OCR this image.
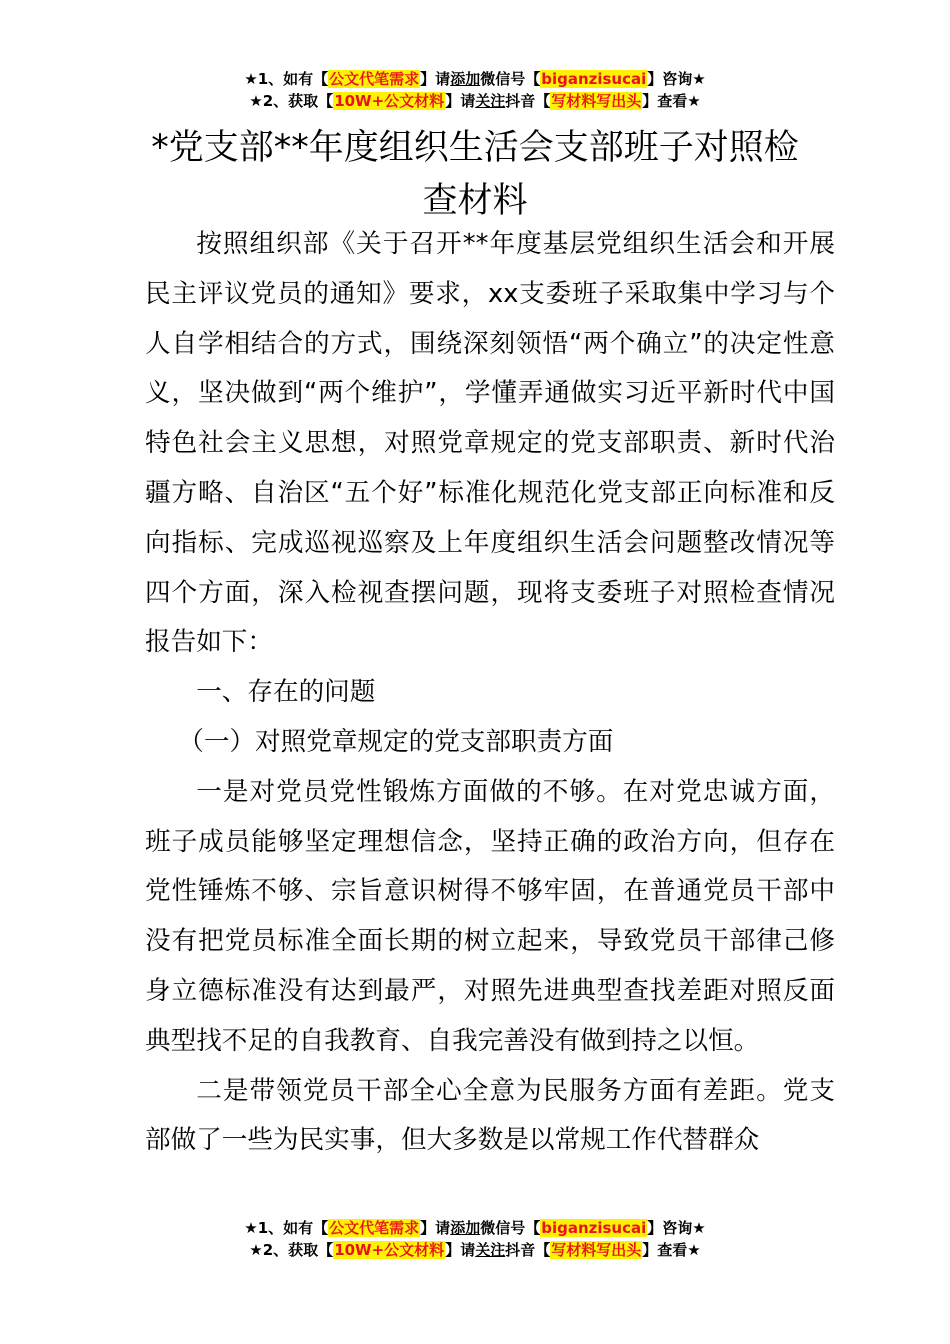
★1、如有【公文代笔需求】请添加微信号【biganzisucai】咨询★
★2、获取【10W+公文材料】请关注抖音【写材料写出头】查看★
*党支部**年度组织生活会支部班子对照检查材料

按照组织部《关于召开**年度基层党组织生活会和开展民主评议党员的通知》要求，xx支委班子采取集中学习与个人自学相结合的方式，围绕深刻领悟“两个确立”的决定性意义，坚决做到“两个维护”，学懂弄通做实习近平新时代中国特色社会主义思想，对照党章规定的党支部职责、新时代治疆方略、自治区“五个好”标准化规范化党支部正向标准和反向指标、完成巡视巡察及上年度组织生活会问题整改情况等四个方面，深入检视查摆问题，现将支委班子对照检查情况报告如下：

一、存在的问题

（一）对照党章规定的党支部职责方面

一是对党员党性锻炼方面做的不够。在对党忠诚方面，班子成员能够坚定理想信念，坚持正确的政治方向，但存在党性锤炼不够、宗旨意识树得不够牢固，在普通党员干部中没有把党员标准全面长期的树立起来，导致党员干部律己修身立德标准没有达到最严，对照先进典型查找差距对照反面典型找不足的自我教育、自我完善没有做到持之以恒。

二是带领党员干部全心全意为民服务方面有差距。党支部做了一些为民实事，但大多数是以常规工作代替群众

★1、如有【公文代笔需求】请添加微信号【biganzisucai】咨询★
★2、获取【10W+公文材料】请关注抖音【写材料写出头】查看★
